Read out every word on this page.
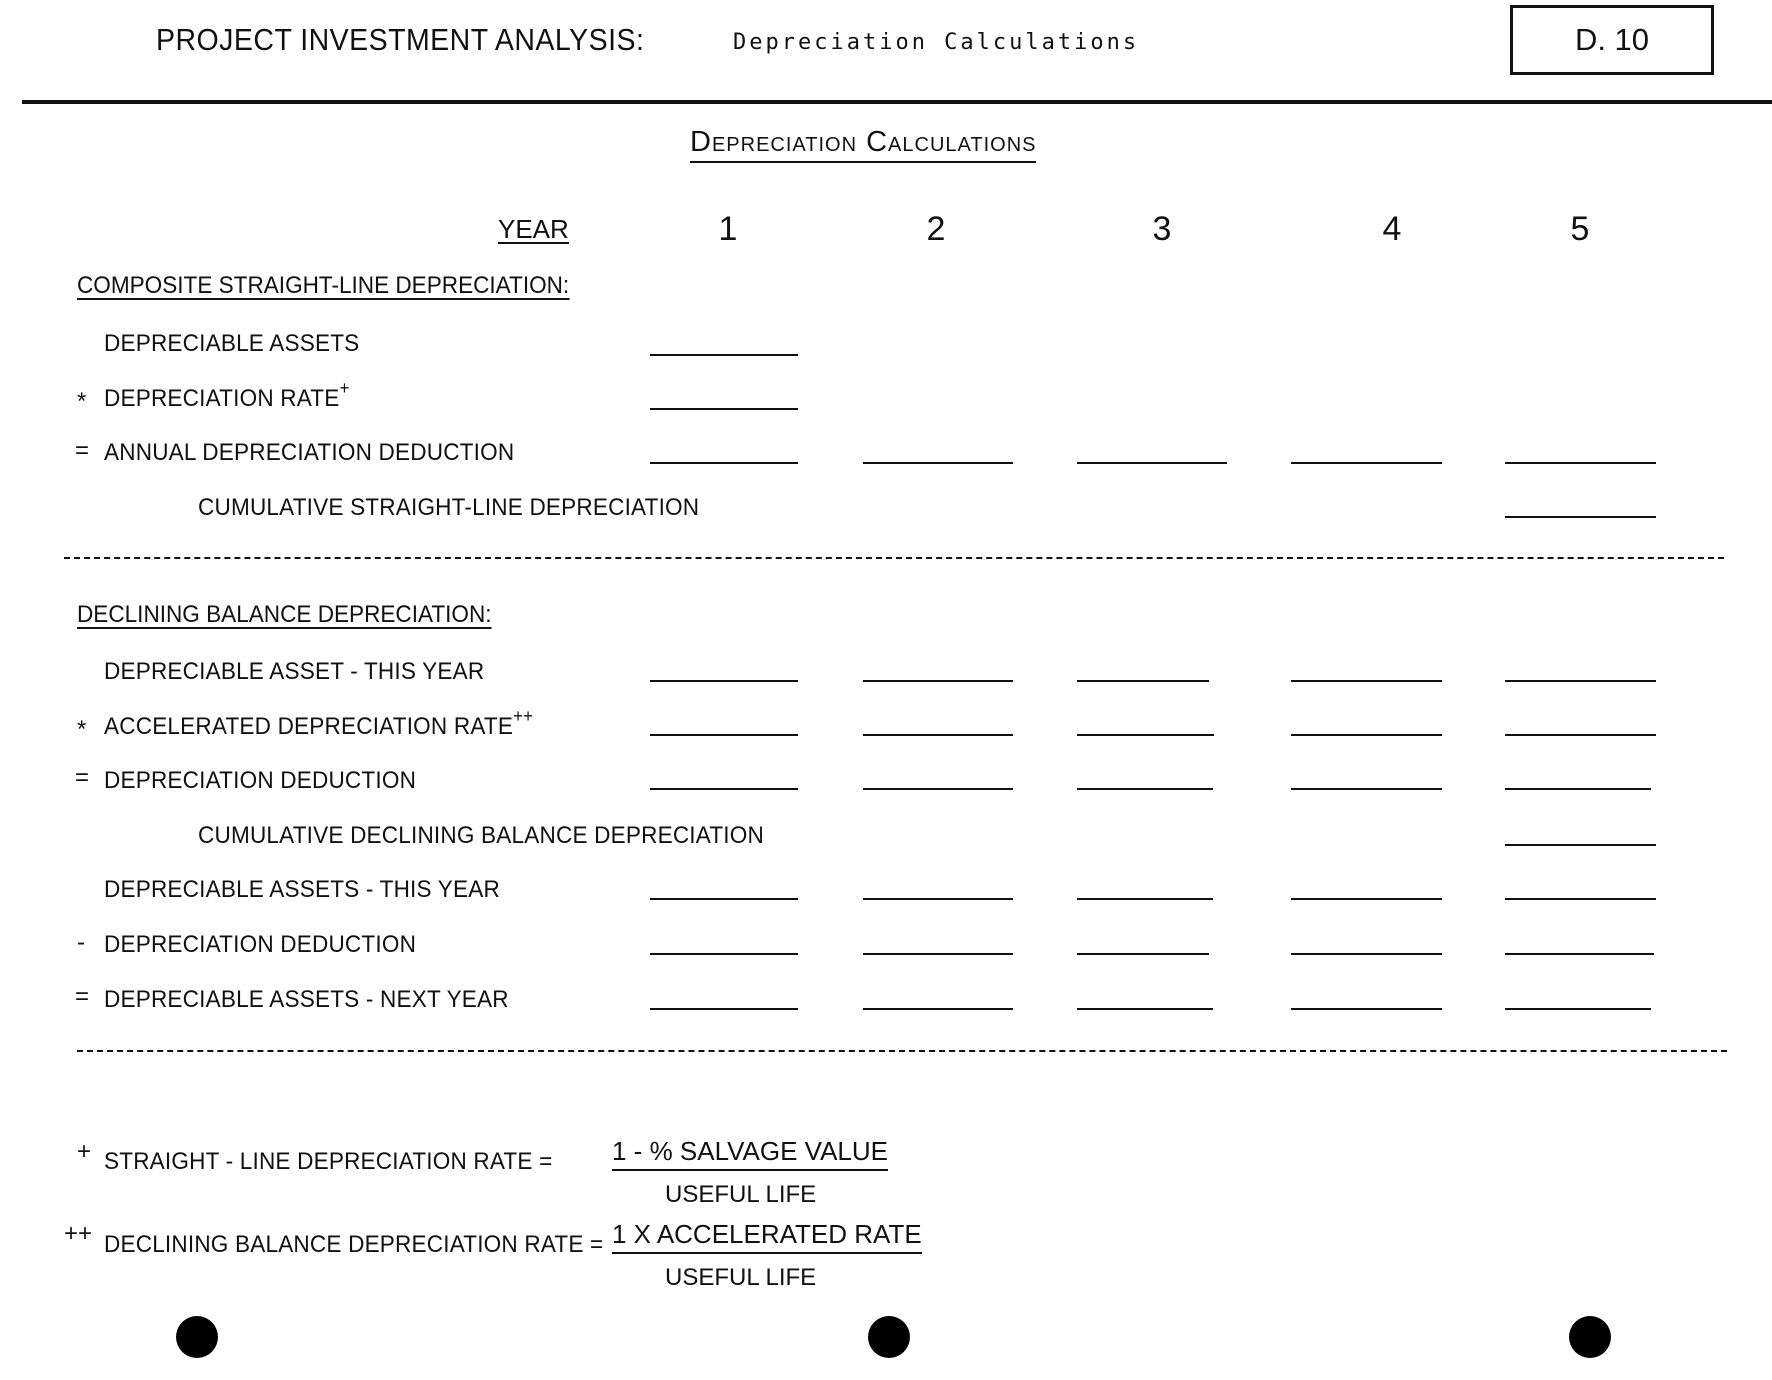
PROJECT INVESTMENT ANALYSIS:	Depreciation Calculations	D. 10
Depreciation Calculations
YEAR	1	2	3	4	5
COMPOSITE STRAIGHT-LINE DEPRECIATION:
DEPRECIABLE ASSETS
* DEPRECIATION RATE+
= ANNUAL DEPRECIATION DEDUCTION
CUMULATIVE STRAIGHT-LINE DEPRECIATION
DECLINING BALANCE DEPRECIATION:
DEPRECIABLE ASSET - THIS YEAR
* ACCELERATED DEPRECIATION RATE++
= DEPRECIATION DEDUCTION
CUMULATIVE DECLINING BALANCE DEPRECIATION
DEPRECIABLE ASSETS - THIS YEAR
- DEPRECIATION DEDUCTION
= DEPRECIABLE ASSETS - NEXT YEAR
+ STRAIGHT - LINE DEPRECIATION RATE = 1 - % SALVAGE VALUE
USEFUL LIFE
++ DECLINING BALANCE DEPRECIATION RATE = 1 X ACCELERATED RATE
USEFUL LIFE
